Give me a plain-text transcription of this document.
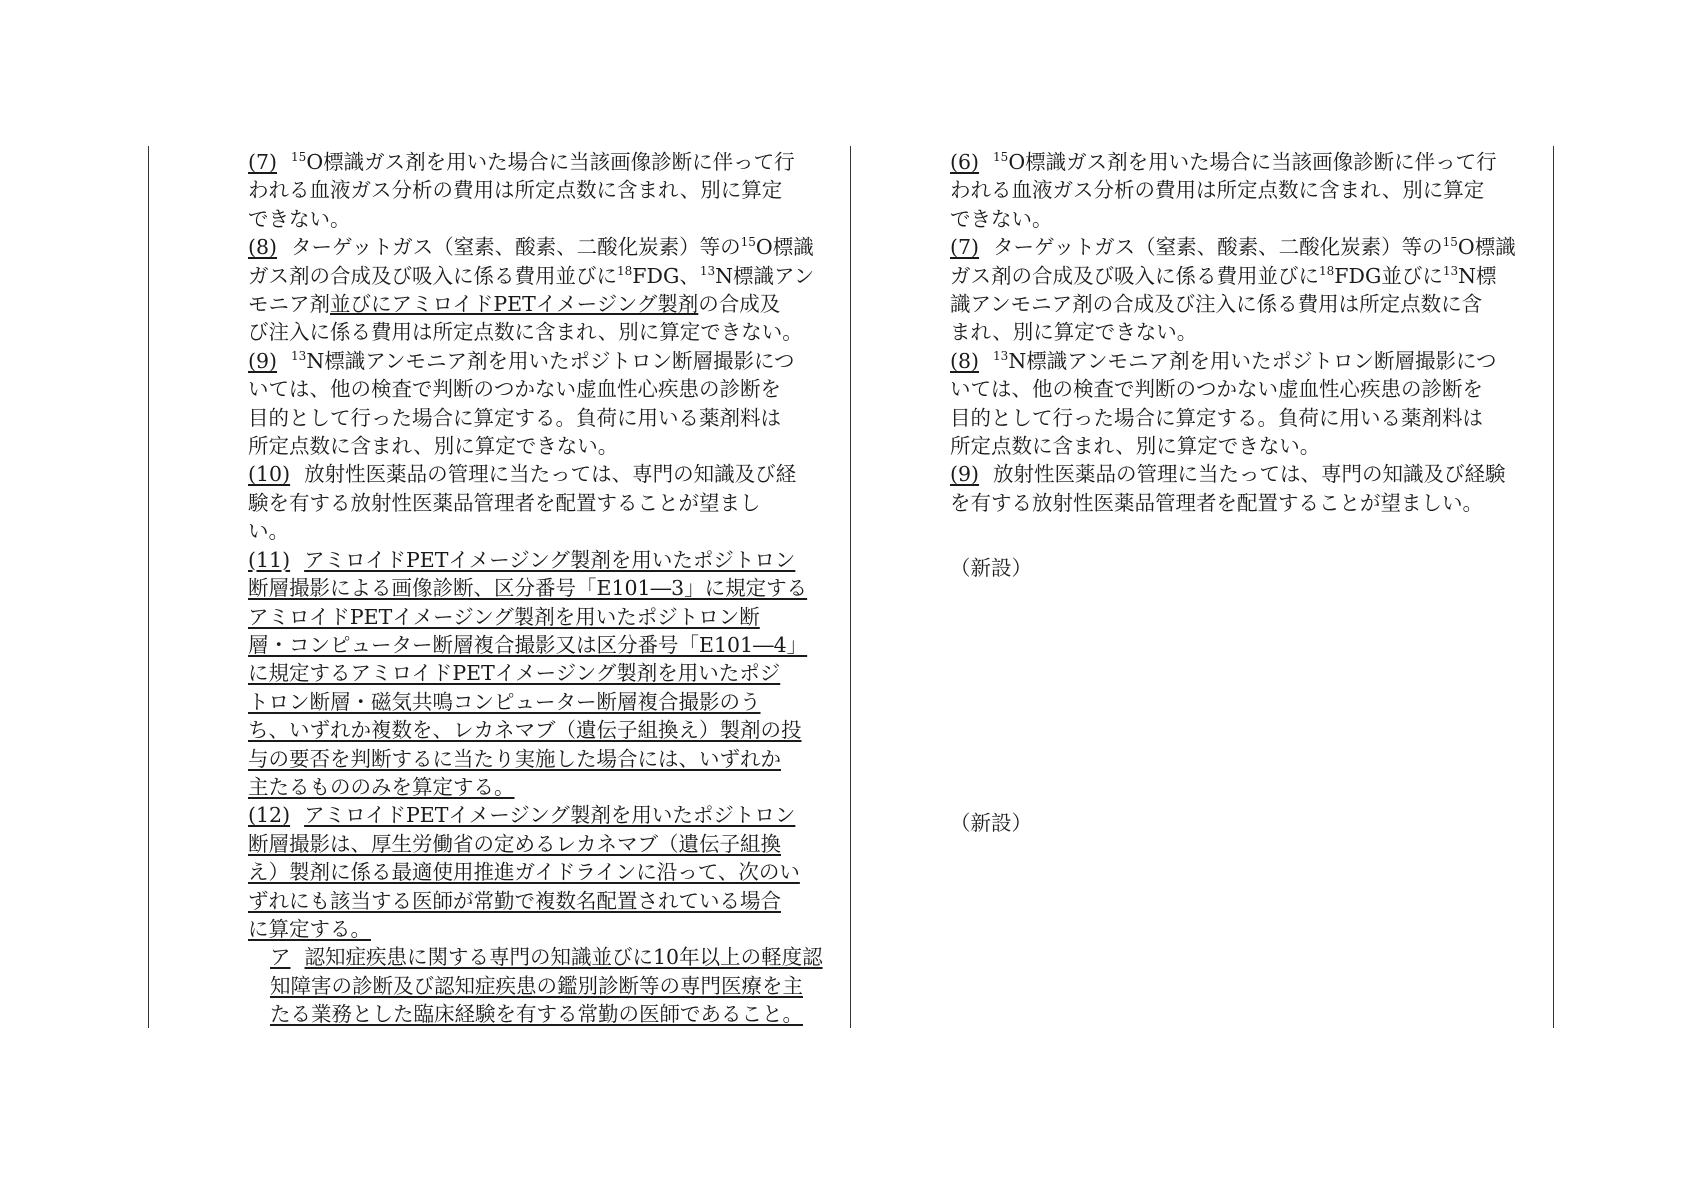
(7) $^{15}$O標識ガス剤を用いた場合に当該画像診断に伴って行
われる血液ガス分析の費用は所定点数に含まれ、別に算定
できない。
(8) ターゲットガス（窒素、酸素、二酸化炭素）等の$^{15}$O標識
ガス剤の合成及び吸入に係る費用並びに$^{18}$FDG、$^{13}$N標識アン
モニア剤並びにアミロイドPETイメージング製剤の合成及
び注入に係る費用は所定点数に含まれ、別に算定できない。
(9) $^{13}$N標識アンモニア剤を用いたポジトロン断層撮影につ
いては、他の検査で判断のつかない虚血性心疾患の診断を
目的として行った場合に算定する。負荷に用いる薬剤料は
所定点数に含まれ、別に算定できない。
(10) 放射性医薬品の管理に当たっては、専門の知識及び経
験を有する放射性医薬品管理者を配置することが望まし
い。
(11) アミロイドPETイメージング製剤を用いたポジトロン
断層撮影による画像診断、区分番号「E101―3」に規定する
アミロイドPETイメージング製剤を用いたポジトロン断
層・コンピューター断層複合撮影又は区分番号「E101―4」
に規定するアミロイドPETイメージング製剤を用いたポジ
トロン断層・磁気共鳴コンピューター断層複合撮影のう
ち、いずれか複数を、レカネマブ（遺伝子組換え）製剤の投
与の要否を判断するに当たり実施した場合には、いずれか
主たるもののみを算定する。
(12) アミロイドPETイメージング製剤を用いたポジトロン
断層撮影は、厚生労働省の定めるレカネマブ（遺伝子組換
え）製剤に係る最適使用推進ガイドラインに沿って、次のい
ずれにも該当する医師が常勤で複数名配置されている場合
に算定する。
ア 認知症疾患に関する専門の知識並びに10年以上の軽度認
知障害の診断及び認知症疾患の鑑別診断等の専門医療を主
たる業務とした臨床経験を有する常勤の医師であること。
(6) $^{15}$O標識ガス剤を用いた場合に当該画像診断に伴って行
われる血液ガス分析の費用は所定点数に含まれ、別に算定
できない。
(7) ターゲットガス（窒素、酸素、二酸化炭素）等の$^{15}$O標識
ガス剤の合成及び吸入に係る費用並びに$^{18}$FDG並びに$^{13}$N標
識アンモニア剤の合成及び注入に係る費用は所定点数に含
まれ、別に算定できない。
(8) $^{13}$N標識アンモニア剤を用いたポジトロン断層撮影につ
いては、他の検査で判断のつかない虚血性心疾患の診断を
目的として行った場合に算定する。負荷に用いる薬剤料は
所定点数に含まれ、別に算定できない。
(9) 放射性医薬品の管理に当たっては、専門の知識及び経験
を有する放射性医薬品管理者を配置することが望ましい。
（新設）
（新設）
